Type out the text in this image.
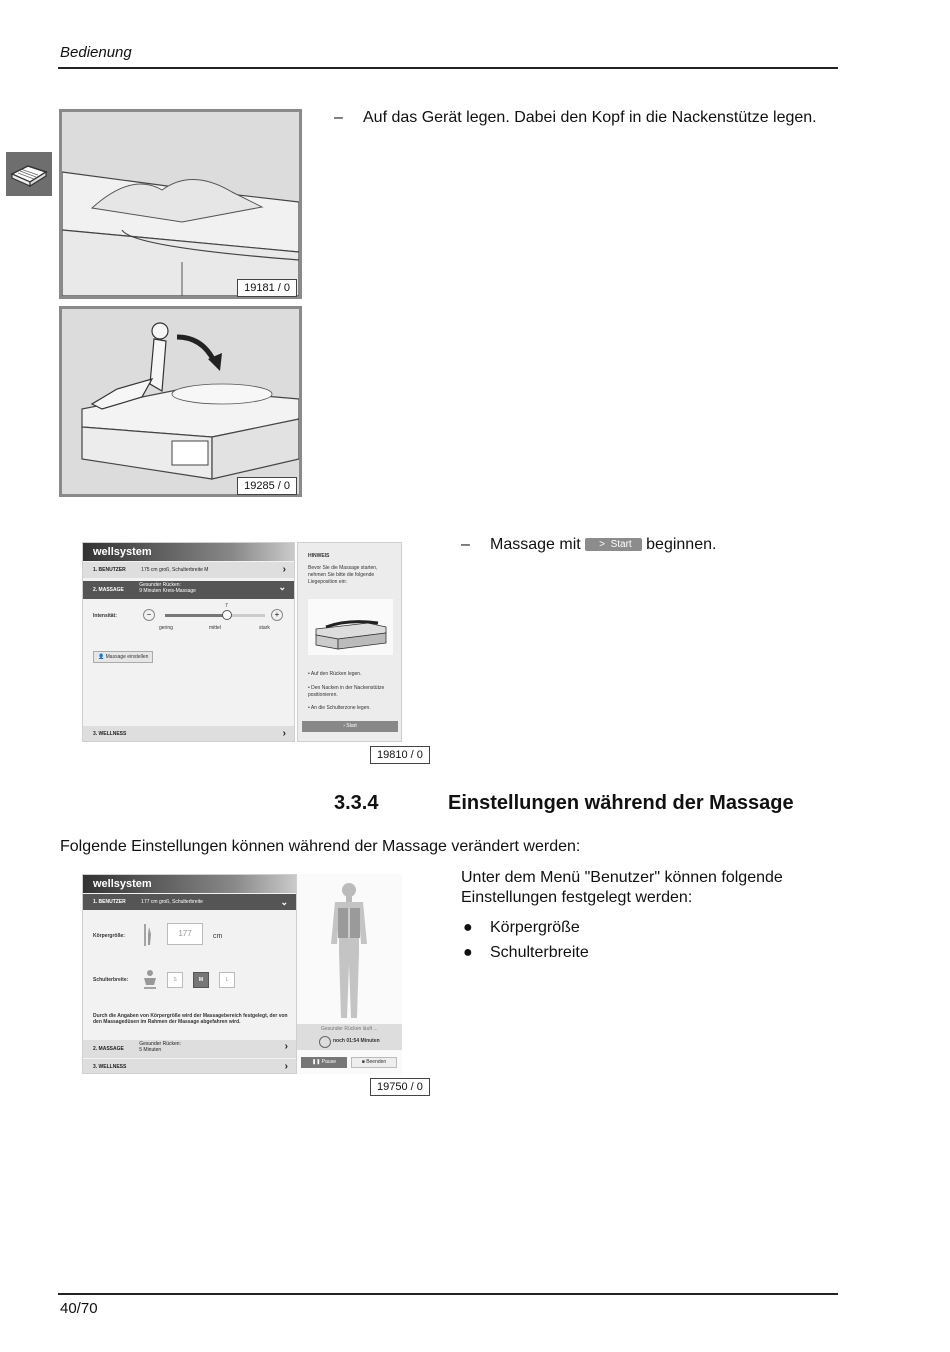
Bedienung
19181 / 0
19285 / 0
– Auf das Gerät legen. Dabei den Kopf in die Nackenstütze legen.
wellsystem
1. BENUTZER	175 cm groß, Schulterbreite M	›
2. MASSAGE Gesunder Rücken:
9 Minuten Kreis-Massage	⌄
Intensität:	−
7
+
gering	mittel	stark
👤 Massage einstellen
3. WELLNESS	›
HINWEIS
Bevor Sie die Massage starten, nehmen Sie bitte die folgende Liegeposition ein:
• Auf den Rücken legen.
• Den Nacken in der Nackenstütze positionieren.
• An die Schulterzone legen.
› Start
19810 / 0
– Massage mit > Start beginnen.
3.3.4	Einstellungen während der Massage
Folgende Einstellungen können während der Massage verändert werden:
wellsystem
1. BENUTZER	177 cm groß, Schulterbreite	⌄
Körpergröße:	177	cm
Schulterbreite:	S	M	L
Durch die Angaben von Körpergröße wird der Massagebereich festgelegt, der von den Massagedüsen im Rahmen der Massage abgefahren wird.
2. MASSAGE Gesunder Rücken:
5 Minuten	›
3. WELLNESS	›
Gesunder Rücken läuft ...
noch 01:54 Minuten
❚❚ Pause	■ Beenden
19750 / 0
Unter dem Menü "Benutzer" können folgende Einstellungen festgelegt werden:
● Körpergröße
● Schulterbreite
40/70
